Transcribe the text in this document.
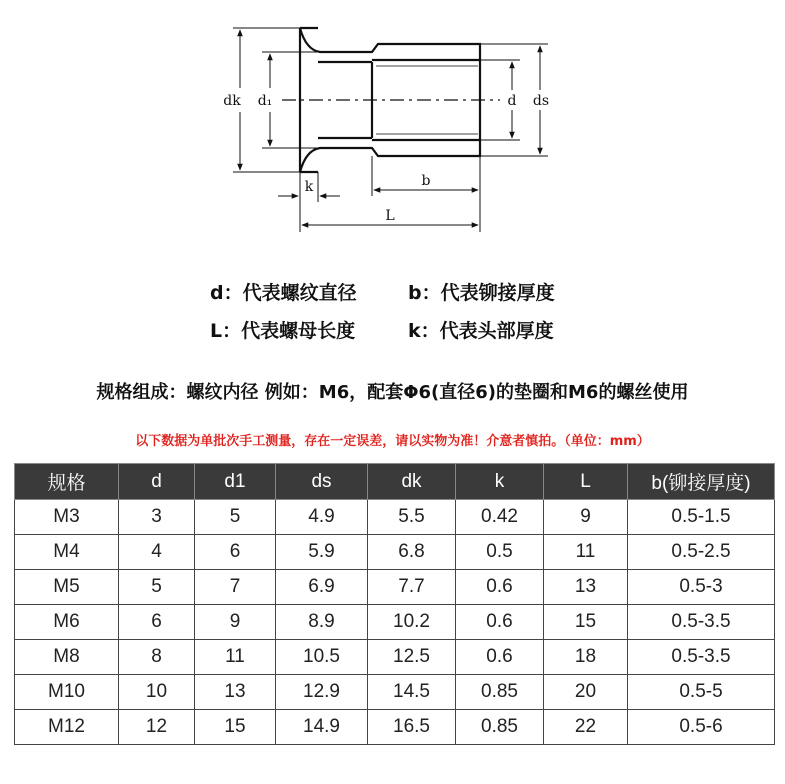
dk d₁	d ds
k	b
L
d：代表螺纹直径	b：代表铆接厚度
L：代表螺母长度	k：代表头部厚度
规格组成：螺纹内径 例如：M6，配套Φ6(直径6)的垫圈和M6的螺丝使用
以下数据为单批次手工测量，存在一定误差，请以实物为准！介意者慎拍。（单位：mm）
规格	d	d1	ds	dk	k	L	b(铆接厚度)
M3	3	5	4.9	5.5	0.42	9	0.5-1.5
M4	4	6	5.9	6.8	0.5	11	0.5-2.5
M5	5	7	6.9	7.7	0.6	13	0.5-3
M6	6	9	8.9	10.2	0.6	15	0.5-3.5
M8	8	11	10.5	12.5	0.6	18	0.5-3.5
M10	10	13	12.9	14.5	0.85	20	0.5-5
M12	12	15	14.9	16.5	0.85	22	0.5-6
